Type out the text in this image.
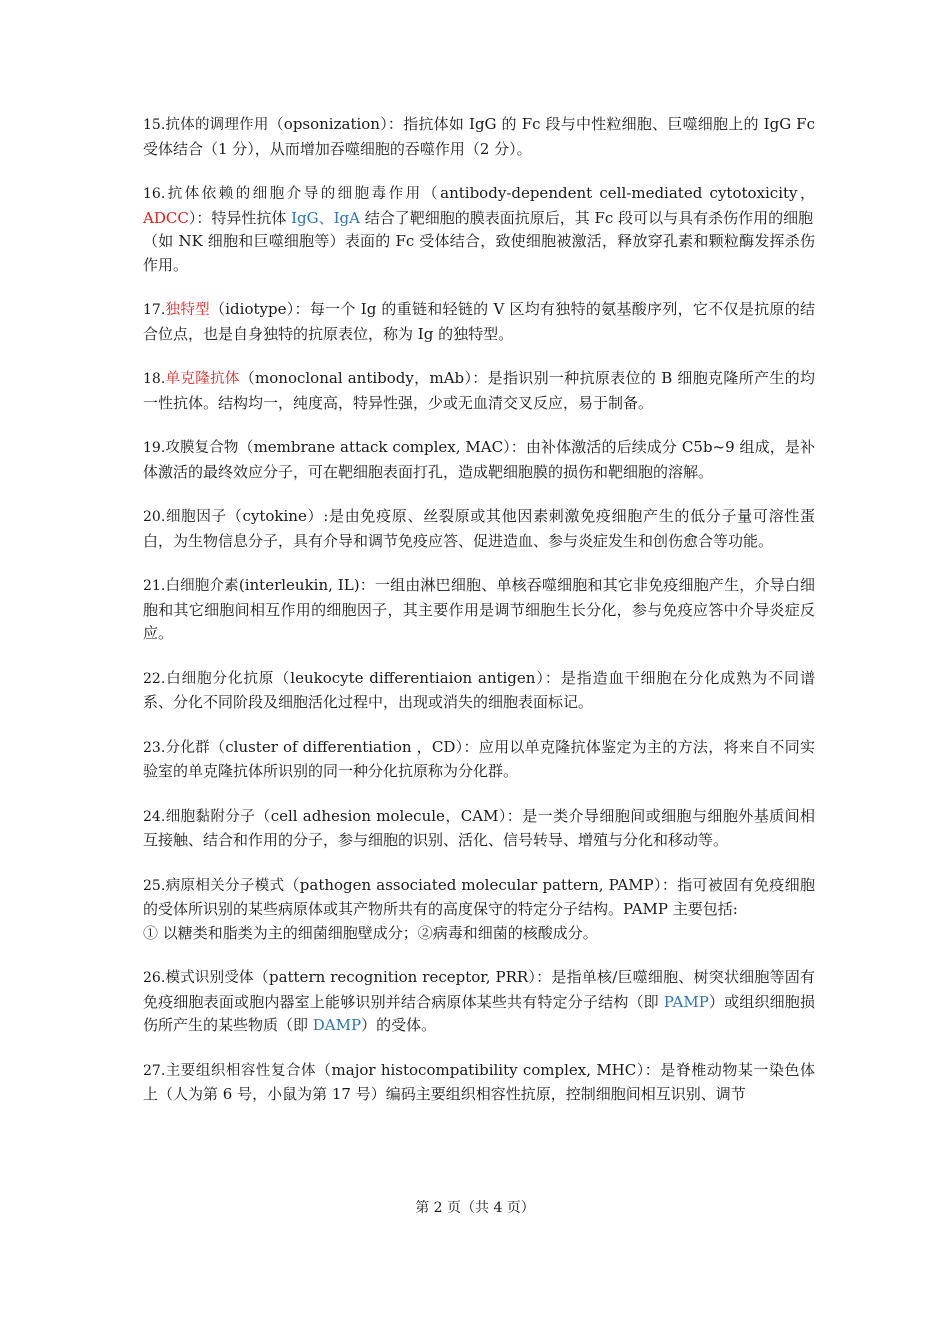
15.抗体的调理作用（opsonization）：指抗体如 IgG 的 Fc 段与中性粒细胞、巨噬细胞上的 IgG Fc 受体结合（1 分），从而增加吞噬细胞的吞噬作用（2 分）。

16.抗体依赖的细胞介导的细胞毒作用（antibody-dependent cell-mediated cytotoxicity，ADCC）：特异性抗体 IgG、IgA 结合了靶细胞的膜表面抗原后，其 Fc 段可以与具有杀伤作用的细胞
（如 NK 细胞和巨噬细胞等）表面的 Fc 受体结合，致使细胞被激活，释放穿孔素和颗粒酶发挥杀伤作用。

17.独特型（idiotype）：每一个 Ig 的重链和轻链的 V 区均有独特的氨基酸序列，它不仅是抗原的结合位点，也是自身独特的抗原表位，称为 Ig 的独特型。

18.单克隆抗体（monoclonal antibody，mAb）：是指识别一种抗原表位的 B 细胞克隆所产生的均一性抗体。结构均一，纯度高，特异性强，少或无血清交叉反应，易于制备。

19.攻膜复合物（membrane attack complex, MAC）：由补体激活的后续成分 C5b~9 组成，是补体激活的最终效应分子，可在靶细胞表面打孔，造成靶细胞膜的损伤和靶细胞的溶解。

20.细胞因子（cytokine）:是由免疫原、丝裂原或其他因素刺激免疫细胞产生的低分子量可溶性蛋白，为生物信息分子，具有介导和调节免疫应答、促进造血、参与炎症发生和创伤愈合等功能。

21.白细胞介素(interleukin, IL)：一组由淋巴细胞、单核吞噬细胞和其它非免疫细胞产生，介导白细胞和其它细胞间相互作用的细胞因子，其主要作用是调节细胞生长分化，参与免疫应答中介导炎症反应。

22.白细胞分化抗原（leukocyte differentiaion antigen）：是指造血干细胞在分化成熟为不同谱系、分化不同阶段及细胞活化过程中，出现或消失的细胞表面标记。

23.分化群（cluster of differentiation ，CD）：应用以单克隆抗体鉴定为主的方法，将来自不同实验室的单克隆抗体所识别的同一种分化抗原称为分化群。

24.细胞黏附分子（cell adhesion molecule，CAM）：是一类介导细胞间或细胞与细胞外基质间相互接触、结合和作用的分子，参与细胞的识别、活化、信号转导、增殖与分化和移动等。

25.病原相关分子模式（pathogen associated molecular pattern, PAMP）：指可被固有免疫细胞的受体所识别的某些病原体或其产物所共有的高度保守的特定分子结构。PAMP 主要包括:
① 以糖类和脂类为主的细菌细胞壁成分；②病毒和细菌的核酸成分。

26.模式识别受体（pattern recognition receptor, PRR）：是指单核/巨噬细胞、树突状细胞等固有免疫细胞表面或胞内器室上能够识别并结合病原体某些共有特定分子结构（即 PAMP）或组织细胞损伤所产生的某些物质（即 DAMP）的受体。

27.主要组织相容性复合体（major histocompatibility complex, MHC）：是脊椎动物某一染色体上（人为第 6 号，小鼠为第 17 号）编码主要组织相容性抗原，控制细胞间相互识别、调节

第 2 页（共 4 页）
